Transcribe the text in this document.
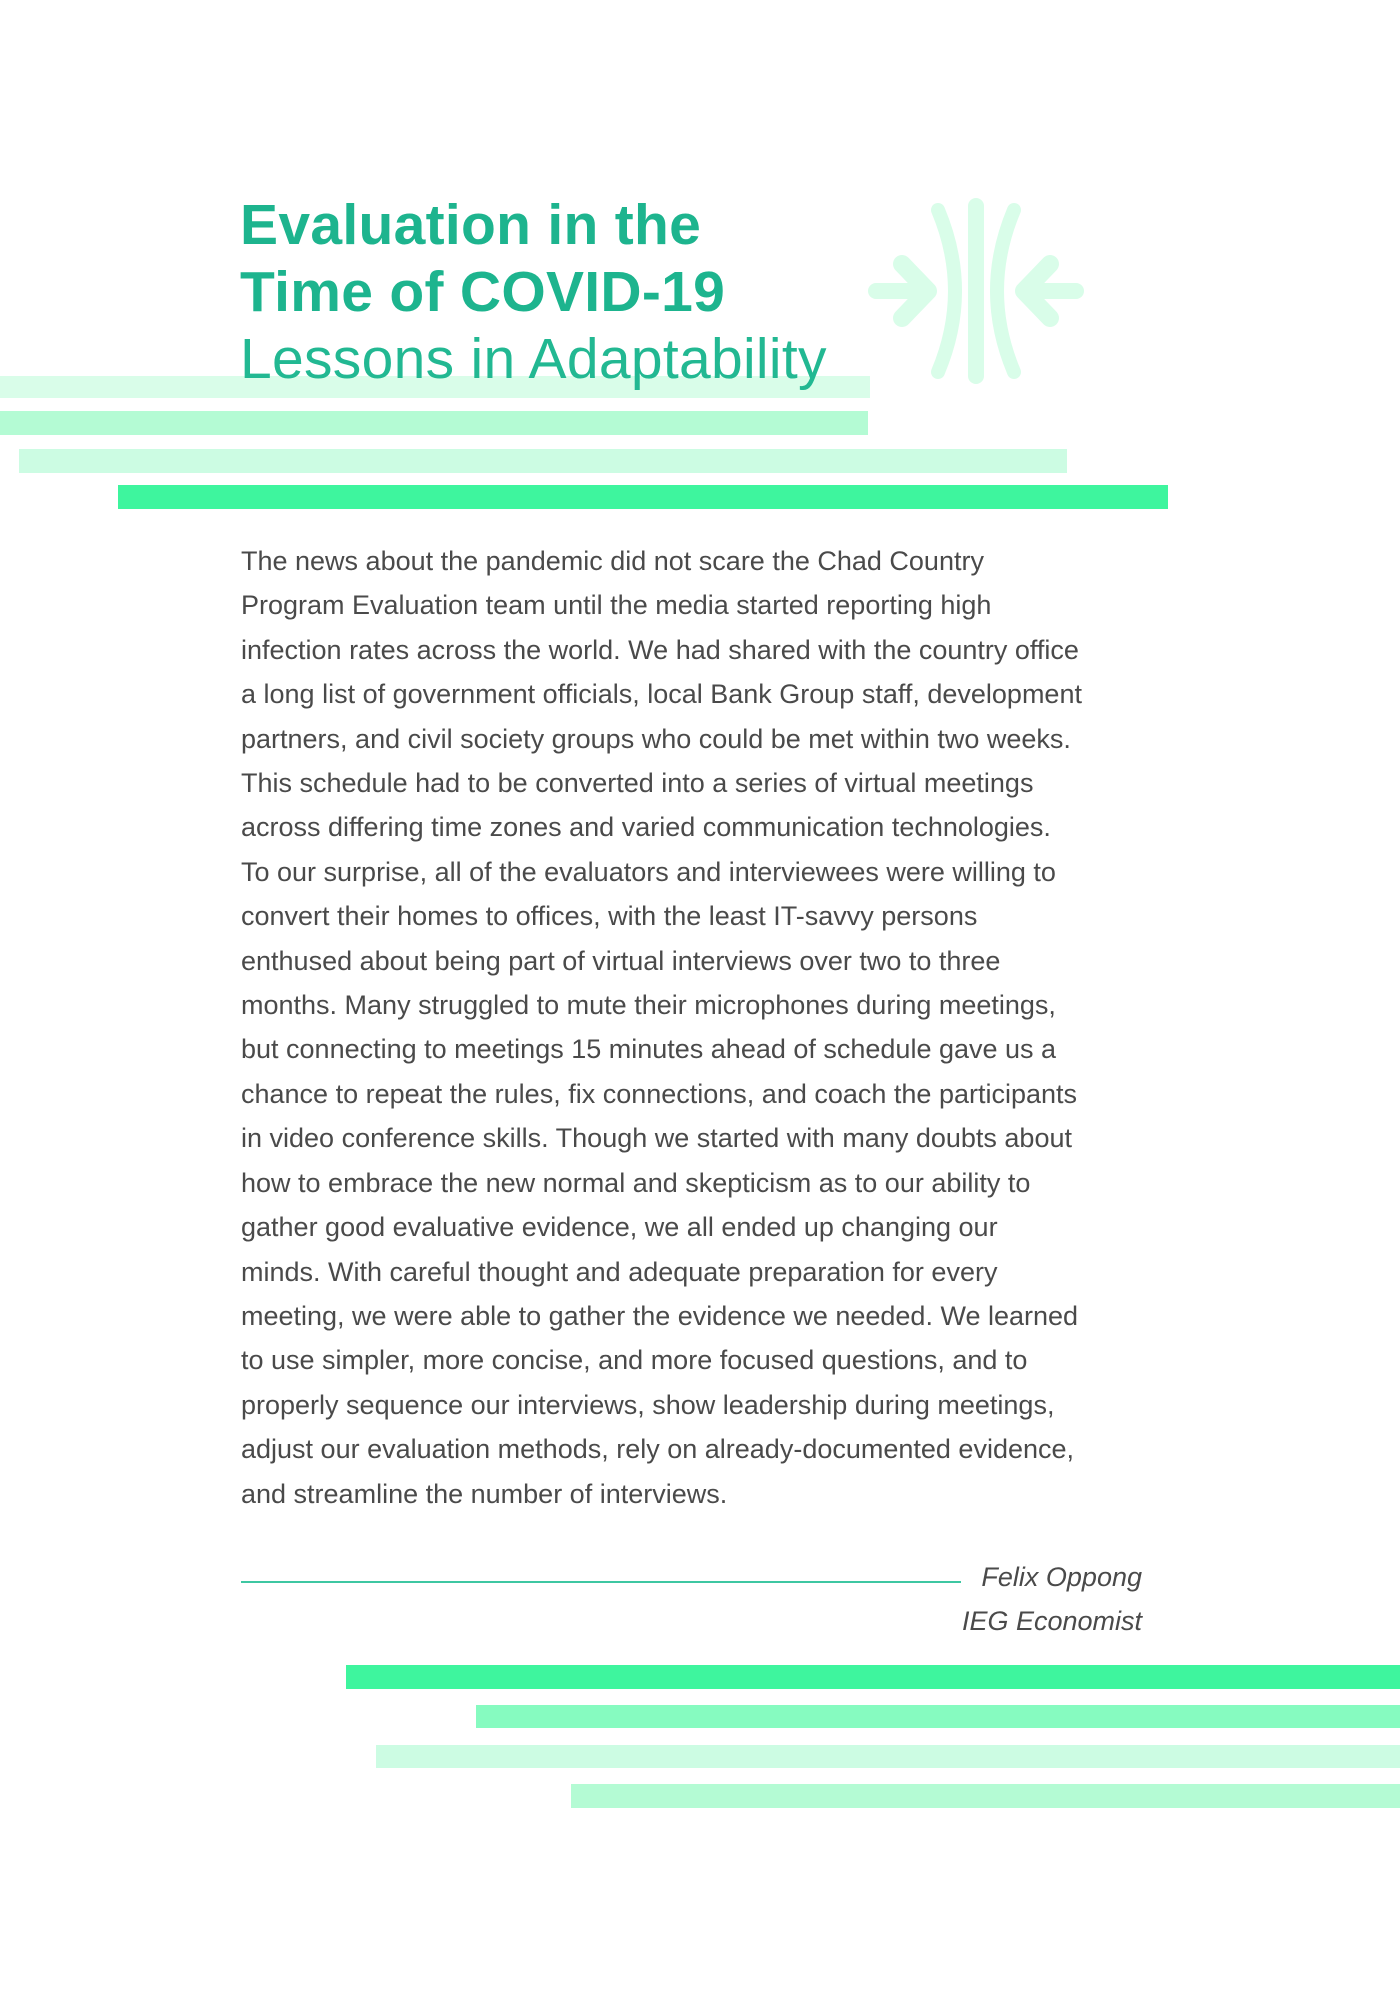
Evaluation in the
Time of COVID-19
Lessons in Adaptability
The news about the pandemic did not scare the Chad Country
Program Evaluation team until the media started reporting high
infection rates across the world. We had shared with the country office
a long list of government officials, local Bank Group staff, development
partners, and civil society groups who could be met within two weeks.
This schedule had to be converted into a series of virtual meetings
across differing time zones and varied communication technologies.
To our surprise, all of the evaluators and interviewees were willing to
convert their homes to offices, with the least IT-savvy persons
enthused about being part of virtual interviews over two to three
months. Many struggled to mute their microphones during meetings,
but connecting to meetings 15 minutes ahead of schedule gave us a
chance to repeat the rules, fix connections, and coach the participants
in video conference skills. Though we started with many doubts about
how to embrace the new normal and skepticism as to our ability to
gather good evaluative evidence, we all ended up changing our
minds. With careful thought and adequate preparation for every
meeting, we were able to gather the evidence we needed. We learned
to use simpler, more concise, and more focused questions, and to
properly sequence our interviews, show leadership during meetings,
adjust our evaluation methods, rely on already-documented evidence,
and streamline the number of interviews.
Felix Oppong
IEG Economist
